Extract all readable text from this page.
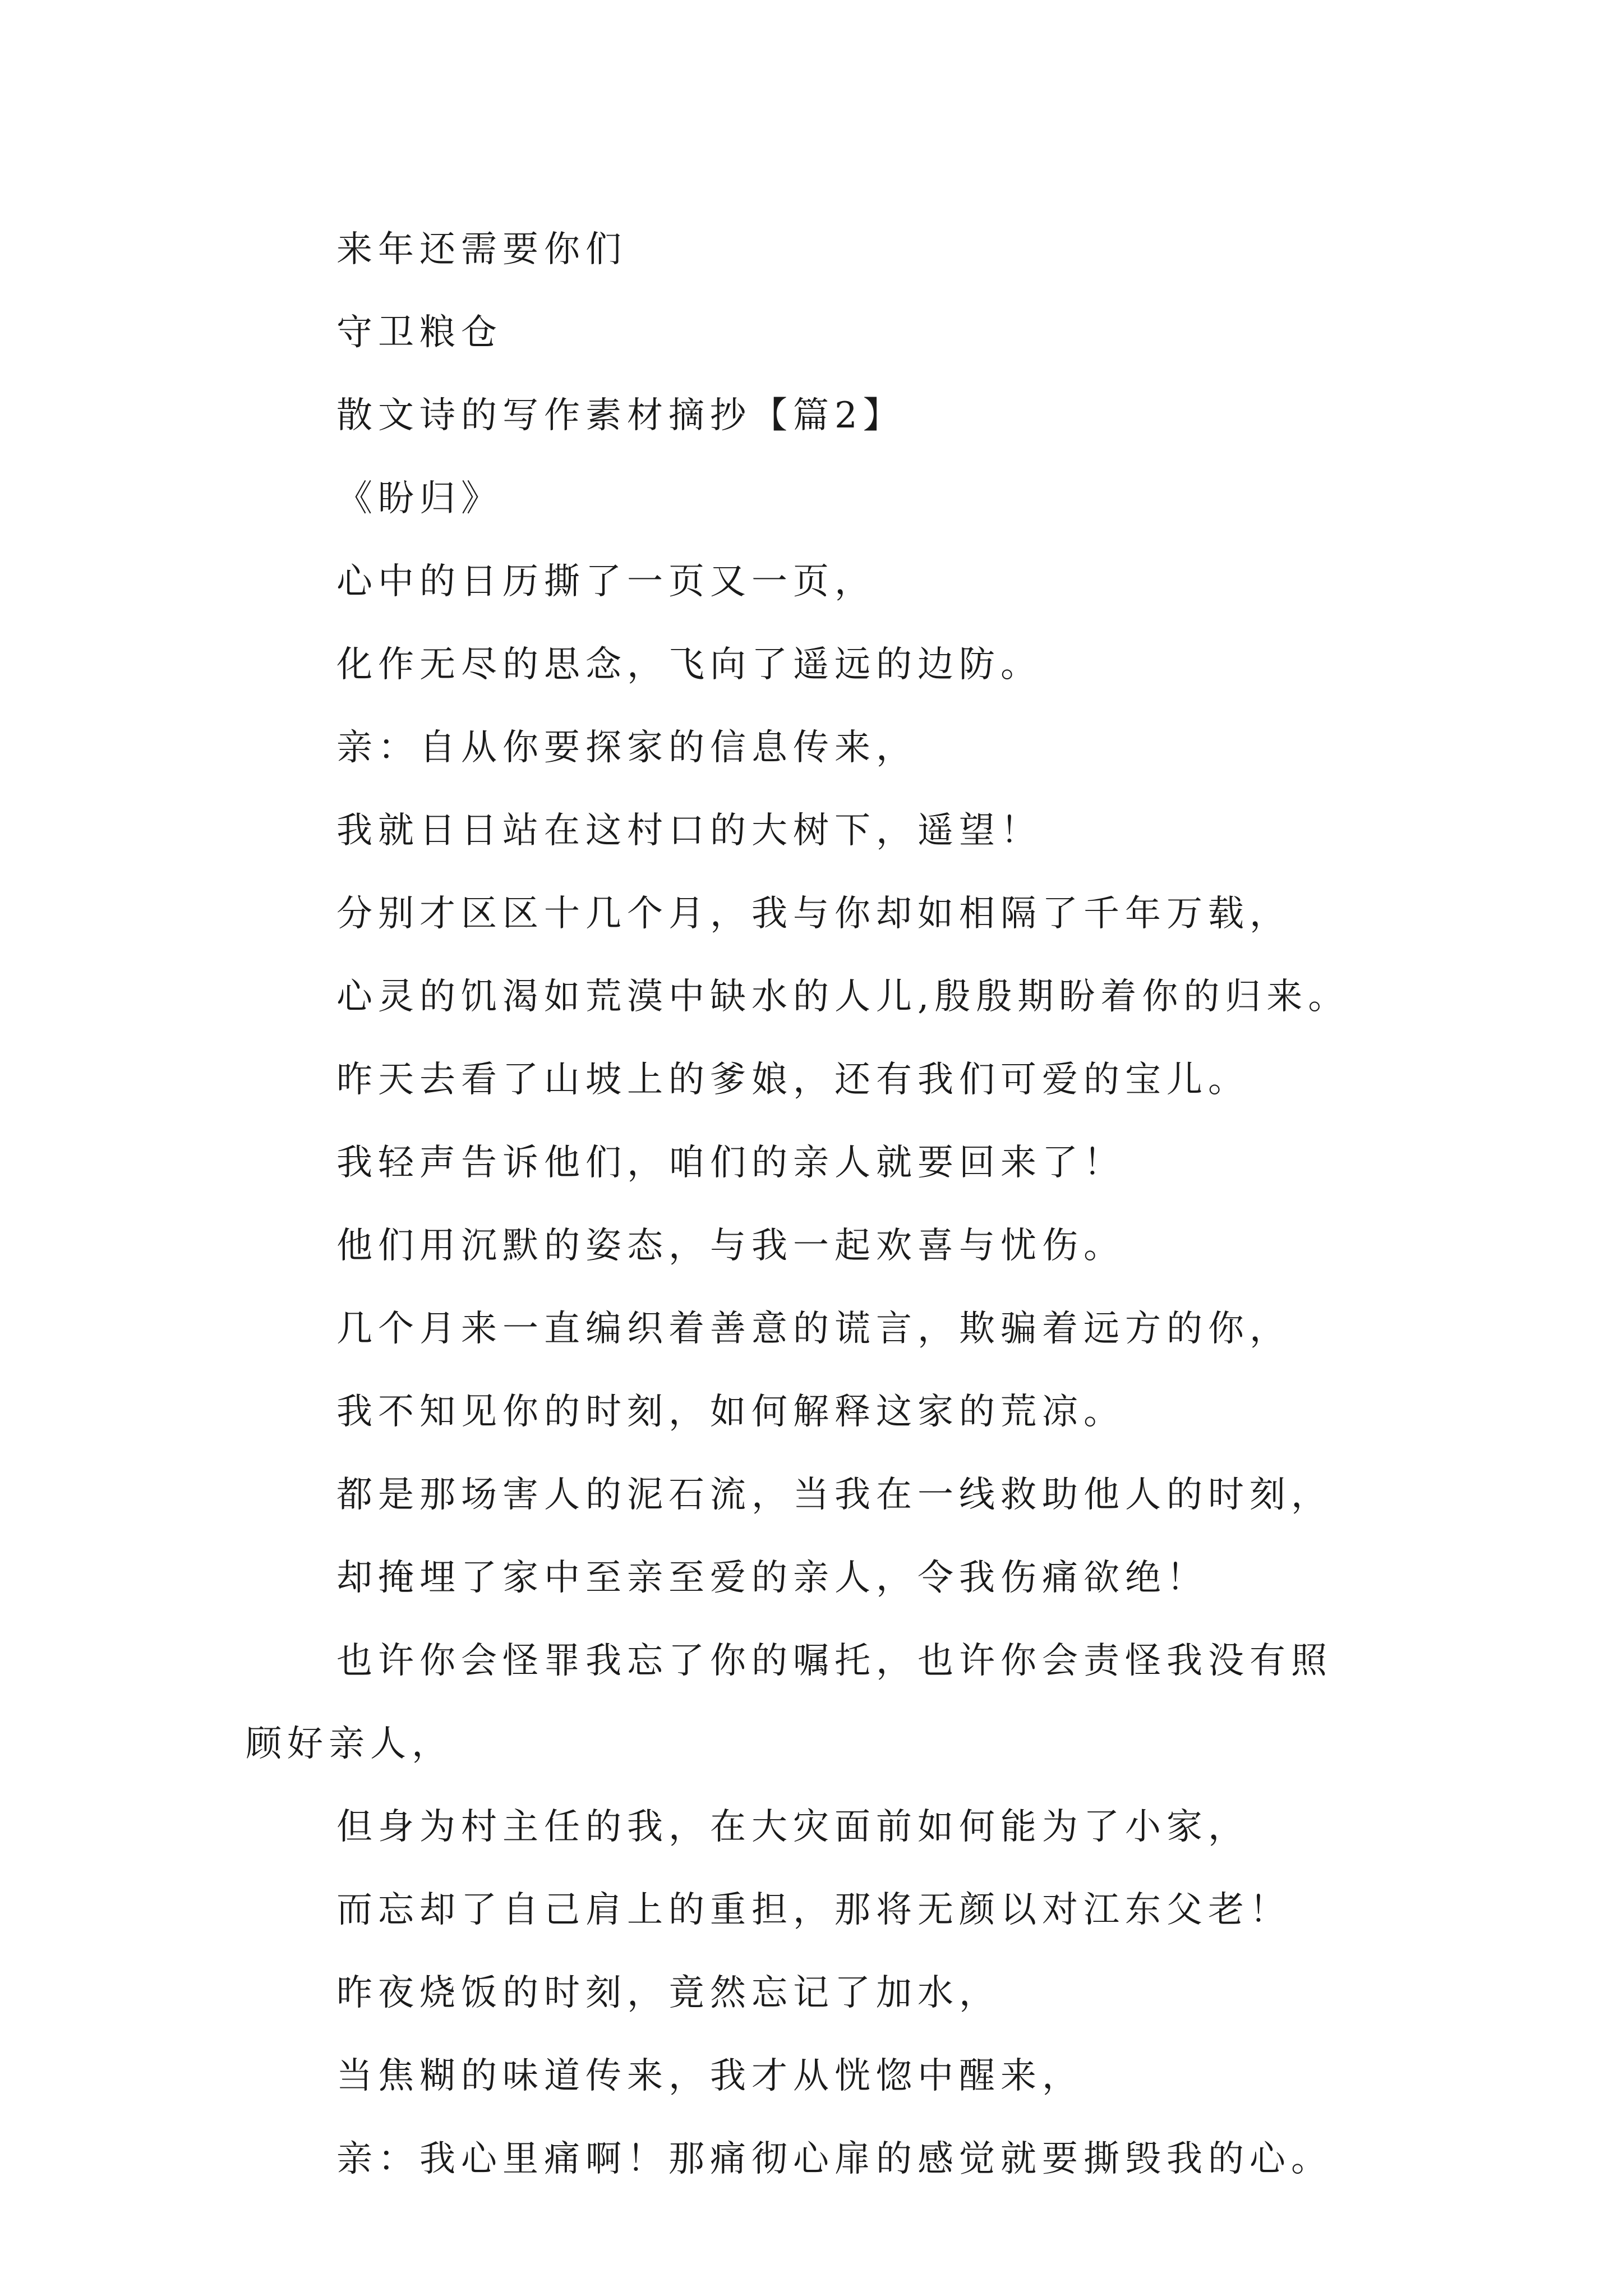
来年还需要你们
守卫粮仓
散文诗的写作素材摘抄【篇2】
《盼归》
心中的日历撕了一页又一页，
化作无尽的思念，飞向了遥远的边防。
亲：自从你要探家的信息传来，
我就日日站在这村口的大树下，遥望！
分别才区区十几个月，我与你却如相隔了千年万载，
心灵的饥渴如荒漠中缺水的人儿,殷殷期盼着你的归来。
昨天去看了山坡上的爹娘，还有我们可爱的宝儿。
我轻声告诉他们，咱们的亲人就要回来了！
他们用沉默的姿态，与我一起欢喜与忧伤。
几个月来一直编织着善意的谎言，欺骗着远方的你，
我不知见你的时刻，如何解释这家的荒凉。
都是那场害人的泥石流，当我在一线救助他人的时刻，
却掩埋了家中至亲至爱的亲人，令我伤痛欲绝！
也许你会怪罪我忘了你的嘱托，也许你会责怪我没有照
顾好亲人，
但身为村主任的我，在大灾面前如何能为了小家，
而忘却了自己肩上的重担，那将无颜以对江东父老！
昨夜烧饭的时刻，竟然忘记了加水，
当焦糊的味道传来，我才从恍惚中醒来，
亲：我心里痛啊！那痛彻心扉的感觉就要撕毁我的心。
